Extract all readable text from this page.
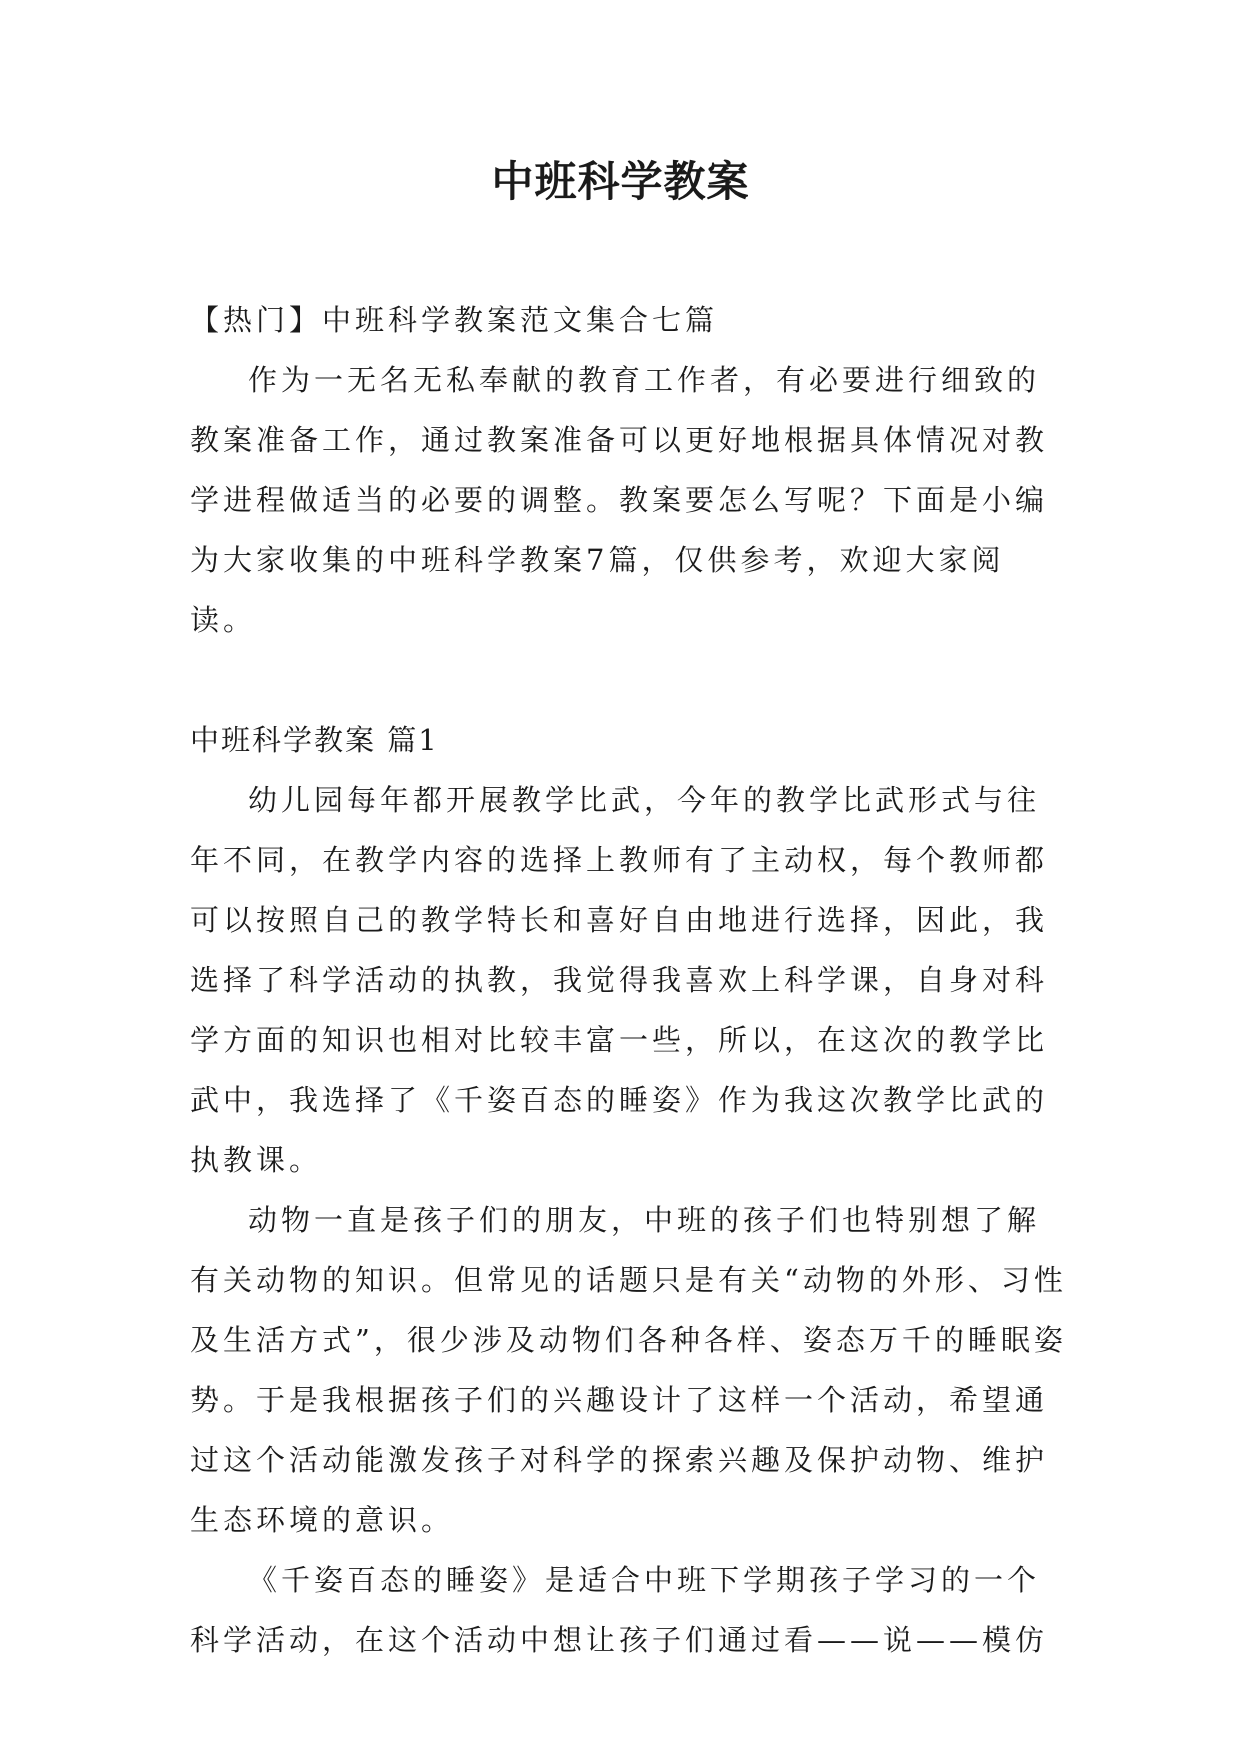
中班科学教案

【热门】中班科学教案范文集合七篇

作为一无名无私奉献的教育工作者，有必要进行细致的教案准备工作，通过教案准备可以更好地根据具体情况对教学进程做适当的必要的调整。教案要怎么写呢？下面是小编为大家收集的中班科学教案7篇，仅供参考，欢迎大家阅读。

中班科学教案 篇1

幼儿园每年都开展教学比武，今年的教学比武形式与往年不同，在教学内容的选择上教师有了主动权，每个教师都可以按照自己的教学特长和喜好自由地进行选择，因此，我选择了科学活动的执教，我觉得我喜欢上科学课，自身对科学方面的知识也相对比较丰富一些，所以，在这次的教学比武中，我选择了《千姿百态的睡姿》作为我这次教学比武的执教课。

动物一直是孩子们的朋友，中班的孩子们也特别想了解有关动物的知识。但常见的话题只是有关“动物的外形、习性及生活方式”，很少涉及动物们各种各样、姿态万千的睡眠姿势。于是我根据孩子们的兴趣设计了这样一个活动，希望通过这个活动能激发孩子对科学的探索兴趣及保护动物、维护生态环境的意识。

《千姿百态的睡姿》是适合中班下学期孩子学习的一个科学活动，在这个活动中想让孩子们通过看——说——模仿
